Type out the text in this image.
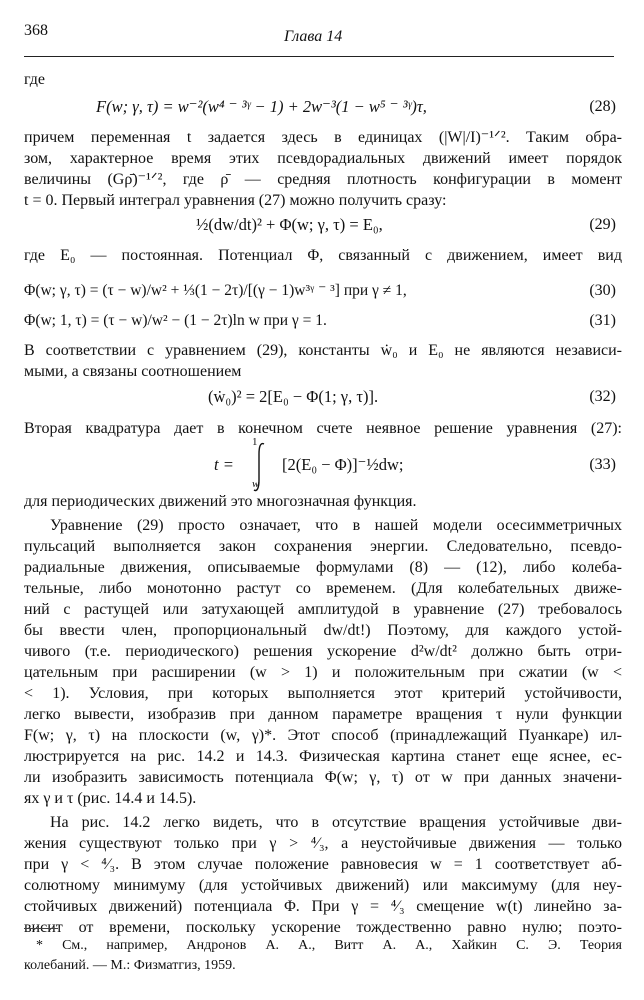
368	Глава 14
где
F(w; γ, τ) = w⁻²(w⁴ ⁻ ³ᵞ − 1) + 2w⁻³(1 − w⁵ ⁻ ³ᵞ)τ,	(28)
причем переменная t задается здесь в единицах (|W|/I)⁻¹ᐟ². Таким обра-
зом, характерное время этих псевдорадиальных движений имеет порядок
величины (Gρ̄)⁻¹ᐟ², где ρ̄ — средняя плотность конфигурации в момент
t = 0. Первый интеграл уравнения (27) можно получить сразу:
½(dw/dt)² + Φ(w; γ, τ) = E₀,	(29)
где E₀ — постоянная. Потенциал Φ, связанный с движением, имеет вид
Φ(w; γ, τ) = (τ − w)/w² + ⅓(1 − 2τ)/[(γ − 1)w³ᵞ ⁻ ³] при γ ≠ 1,	(30)
Φ(w; 1, τ) = (τ − w)/w² − (1 − 2τ)ln w при γ = 1.	(31)
В соответствии с уравнением (29), константы ẇ₀ и E₀ не являются независи-
мыми, а связаны соотношением
(ẇ₀)² = 2[E₀ − Φ(1; γ, τ)].	(32)
Вторая квадратура дает в конечном счете неявное решение уравнения (27):
t =
1
w
[2(E₀ − Φ)]⁻½dw;	(33)
для периодических движений это многозначная функция.
Уравнение (29) просто означает, что в нашей модели осесимметричных
пульсаций выполняется закон сохранения энергии. Следовательно, псевдо-
радиальные движения, описываемые формулами (8) — (12), либо колеба-
тельные, либо монотонно растут со временем. (Для колебательных движе-
ний с растущей или затухающей амплитудой в уравнение (27) требовалось
бы ввести член, пропорциональный dw/dt!) Поэтому, для каждого устой-
чивого (т.е. периодического) решения ускорение d²w/dt² должно быть отри-
цательным при расширении (w > 1) и положительным при сжатии (w <
< 1). Условия, при которых выполняется этот критерий устойчивости,
легко вывести, изобразив при данном параметре вращения τ нули функции
F(w; γ, τ) на плоскости (w, γ)*. Этот способ (принадлежащий Пуанкаре) ил-
люстрируется на рис. 14.2 и 14.3. Физическая картина станет еще яснее, ес-
ли изобразить зависимость потенциала Φ(w; γ, τ) от w при данных значени-
ях γ и τ (рис. 14.4 и 14.5).
На рис. 14.2 легко видеть, что в отсутствие вращения устойчивые дви-
жения существуют только при γ > ⁴⁄₃, а неустойчивые движения — только
при γ < ⁴⁄₃. В этом случае положение равновесия w = 1 соответствует аб-
солютному минимуму (для устойчивых движений) или максимуму (для неу-
стойчивых движений) потенциала Φ. При γ = ⁴⁄₃ смещение w(t) линейно за-
висит от времени, поскольку ускорение тождественно равно нулю; поэто-
* См., например, Андронов А. А., Витт А. А., Хайкин С. Э. Теория
колебаний. — М.: Физматгиз, 1959.
